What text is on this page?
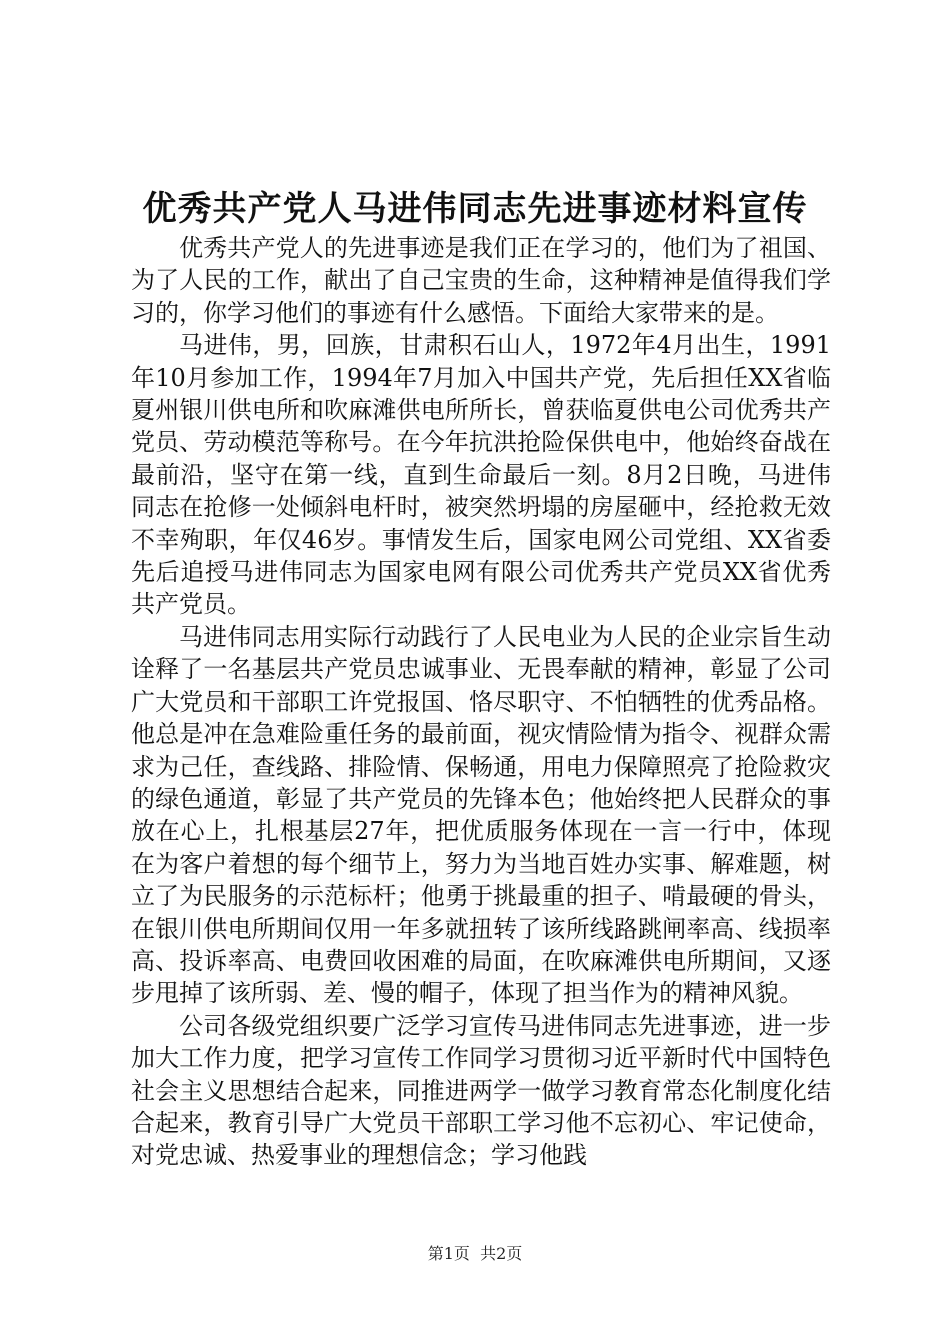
优秀共产党人马进伟同志先进事迹材料宣传

优秀共产党人的先进事迹是我们正在学习的，他们为了祖国、为了人民的工作，献出了自己宝贵的生命，这种精神是值得我们学习的，你学习他们的事迹有什么感悟。下面给大家带来的是。

马进伟，男，回族，甘肃积石山人，1972年4月出生，1991年10月参加工作，1994年7月加入中国共产党，先后担任XX省临夏州银川供电所和吹麻滩供电所所长，曾获临夏供电公司优秀共产党员、劳动模范等称号。在今年抗洪抢险保供电中，他始终奋战在最前沿，坚守在第一线，直到生命最后一刻。8月2日晚，马进伟同志在抢修一处倾斜电杆时，被突然坍塌的房屋砸中，经抢救无效不幸殉职，年仅46岁。事情发生后，国家电网公司党组、XX省委先后追授马进伟同志为国家电网有限公司优秀共产党员XX省优秀共产党员。

马进伟同志用实际行动践行了人民电业为人民的企业宗旨生动诠释了一名基层共产党员忠诚事业、无畏奉献的精神，彰显了公司广大党员和干部职工许党报国、恪尽职守、不怕牺牲的优秀品格。他总是冲在急难险重任务的最前面，视灾情险情为指令、视群众需求为己任，查线路、排险情、保畅通，用电力保障照亮了抢险救灾的绿色通道，彰显了共产党员的先锋本色；他始终把人民群众的事放在心上，扎根基层27年，把优质服务体现在一言一行中，体现在为客户着想的每个细节上，努力为当地百姓办实事、解难题，树立了为民服务的示范标杆；他勇于挑最重的担子、啃最硬的骨头，在银川供电所期间仅用一年多就扭转了该所线路跳闸率高、线损率高、投诉率高、电费回收困难的局面，在吹麻滩供电所期间，又逐步甩掉了该所弱、差、慢的帽子，体现了担当作为的精神风貌。

公司各级党组织要广泛学习宣传马进伟同志先进事迹，进一步加大工作力度，把学习宣传工作同学习贯彻习近平新时代中国特色社会主义思想结合起来，同推进两学一做学习教育常态化制度化结合起来，教育引导广大党员干部职工学习他不忘初心、牢记使命，对党忠诚、热爱事业的理想信念；学习他践

第1页 共2页
